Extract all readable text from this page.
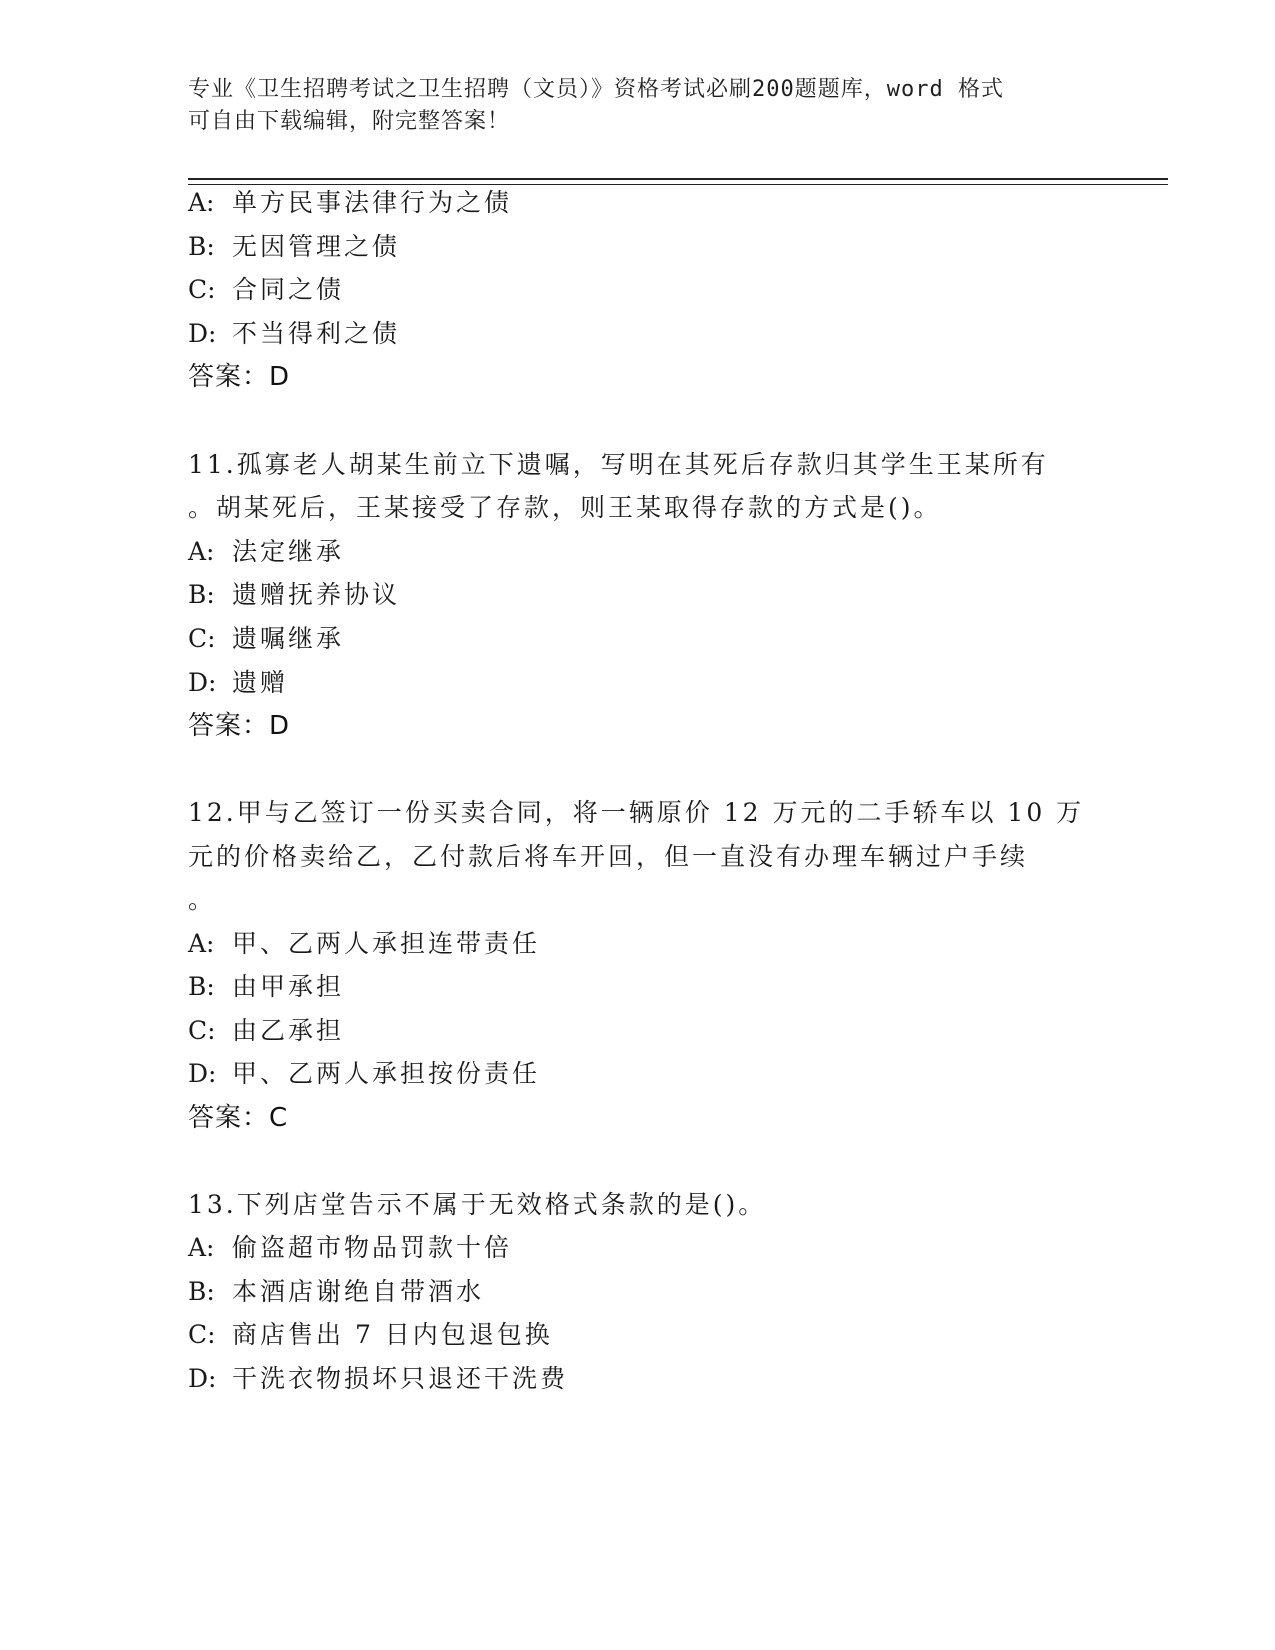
专业《卫生招聘考试之卫生招聘（文员）》资格考试必刷200题题库，word 格式
可自由下载编辑，附完整答案！
A: 单方民事法律行为之债
B: 无因管理之债
C: 合同之债
D: 不当得利之债
答案：D
11.孤寡老人胡某生前立下遗嘱，写明在其死后存款归其学生王某所有
。胡某死后，王某接受了存款，则王某取得存款的方式是()。
A: 法定继承
B: 遗赠抚养协议
C: 遗嘱继承
D: 遗赠
答案：D
12.甲与乙签订一份买卖合同，将一辆原价 12 万元的二手轿车以 10 万
元的价格卖给乙，乙付款后将车开回，但一直没有办理车辆过户手续
。
A: 甲、乙两人承担连带责任
B: 由甲承担
C: 由乙承担
D: 甲、乙两人承担按份责任
答案：C
13.下列店堂告示不属于无效格式条款的是()。
A: 偷盗超市物品罚款十倍
B: 本酒店谢绝自带酒水
C: 商店售出 7 日内包退包换
D: 干洗衣物损坏只退还干洗费
